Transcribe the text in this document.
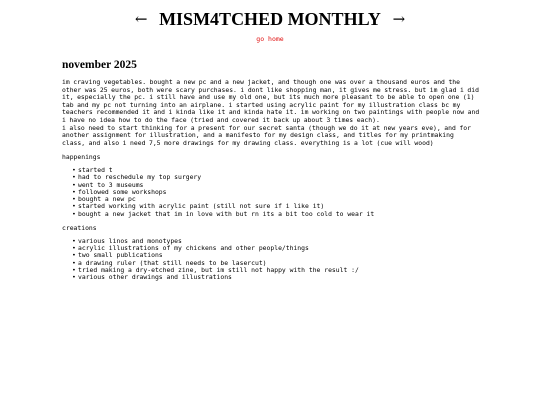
← MISM4TCHED MONTHLY →
go home
november 2025

im craving vegetables. bought a new pc and a new jacket, and though one was over a thousand euros and the other was 25 euros, both were scary purchases. i dont like shopping man, it gives me stress. but im glad i did it, especially the pc. i still have and use my old one, but its much more pleasant to be able to open one (1) tab and my pc not turning into an airplane. i started using acrylic paint for my illustration class bc my teachers recommended it and i kinda like it and kinda hate it. im working on two paintings with people now and i have no idea how to do the face (tried and covered it back up about 3 times each).

i also need to start thinking for a present for our secret santa (though we do it at new years eve), and for another assignment for illustration, and a manifesto for my design class, and titles for my printmaking class, and also i need 7,5 more drawings for my drawing class. everything is a lot (cue will wood)

happenings
• started t
• had to reschedule my top surgery
• went to 3 museums
• followed some workshops
• bought a new pc
• started working with acrylic paint (still not sure if i like it)
• bought a new jacket that im in love with but rn its a bit too cold to wear it
creations
• various linos and monotypes
• acrylic illustrations of my chickens and other people/things
• two small publications
• a drawing ruler (that still needs to be lasercut)
• tried making a dry-etched zine, but im still not happy with the result :/
• various other drawings and illustrations
